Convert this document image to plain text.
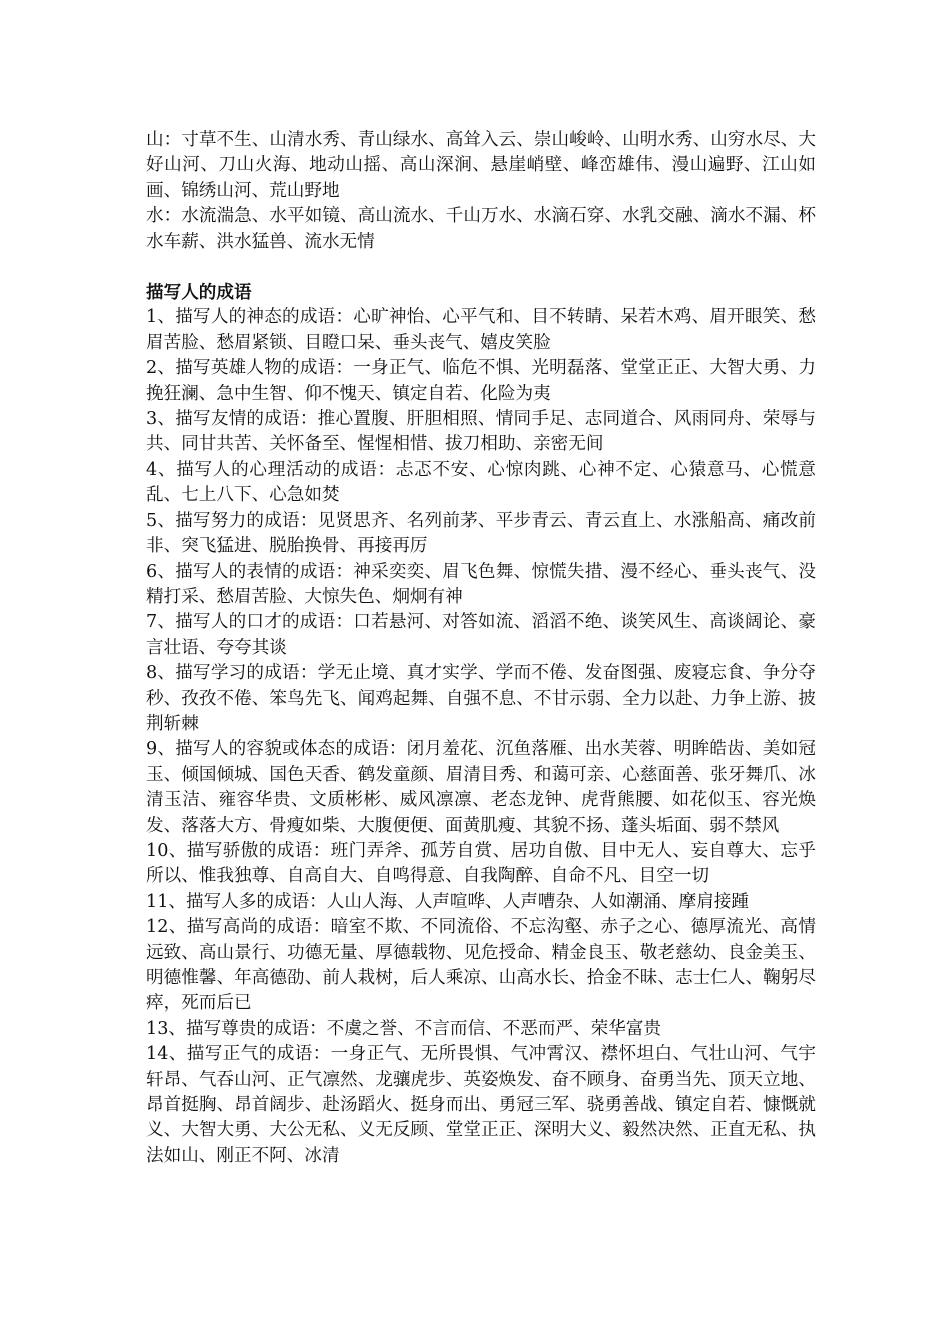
山：寸草不生、山清水秀、青山绿水、高耸入云、崇山峻岭、山明水秀、山穷水尽、大好山河、刀山火海、地动山摇、高山深涧、悬崖峭壁、峰峦雄伟、漫山遍野、江山如画、锦绣山河、荒山野地

水：水流湍急、水平如镜、高山流水、千山万水、水滴石穿、水乳交融、滴水不漏、杯水车薪、洪水猛兽、流水无情

描写人的成语

1、描写人的神态的成语：心旷神怡、心平气和、目不转睛、呆若木鸡、眉开眼笑、愁眉苦脸、愁眉紧锁、目瞪口呆、垂头丧气、嬉皮笑脸

2、描写英雄人物的成语：一身正气、临危不惧、光明磊落、堂堂正正、大智大勇、力挽狂澜、急中生智、仰不愧天、镇定自若、化险为夷

3、描写友情的成语：推心置腹、肝胆相照、情同手足、志同道合、风雨同舟、荣辱与共、同甘共苦、关怀备至、惺惺相惜、拔刀相助、亲密无间

4、描写人的心理活动的成语：忐忑不安、心惊肉跳、心神不定、心猿意马、心慌意乱、七上八下、心急如焚

5、描写努力的成语：见贤思齐、名列前茅、平步青云、青云直上、水涨船高、痛改前非、突飞猛进、脱胎换骨、再接再厉

6、描写人的表情的成语：神采奕奕、眉飞色舞、惊慌失措、漫不经心、垂头丧气、没精打采、愁眉苦脸、大惊失色、炯炯有神

7、描写人的口才的成语：口若悬河、对答如流、滔滔不绝、谈笑风生、高谈阔论、豪言壮语、夸夸其谈

8、描写学习的成语：学无止境、真才实学、学而不倦、发奋图强、废寝忘食、争分夺秒、孜孜不倦、笨鸟先飞、闻鸡起舞、自强不息、不甘示弱、全力以赴、力争上游、披荆斩棘

9、描写人的容貌或体态的成语：闭月羞花、沉鱼落雁、出水芙蓉、明眸皓齿、美如冠玉、倾国倾城、国色天香、鹤发童颜、眉清目秀、和蔼可亲、心慈面善、张牙舞爪、冰清玉洁、雍容华贵、文质彬彬、威风凛凛、老态龙钟、虎背熊腰、如花似玉、容光焕发、落落大方、骨瘦如柴、大腹便便、面黄肌瘦、其貌不扬、蓬头垢面、弱不禁风

10、描写骄傲的成语：班门弄斧、孤芳自赏、居功自傲、目中无人、妄自尊大、忘乎所以、惟我独尊、自高自大、自鸣得意、自我陶醉、自命不凡、目空一切

11、描写人多的成语：人山人海、人声喧哗、人声嘈杂、人如潮涌、摩肩接踵

12、描写高尚的成语：暗室不欺、不同流俗、不忘沟壑、赤子之心、德厚流光、高情远致、高山景行、功德无量、厚德载物、见危授命、精金良玉、敬老慈幼、良金美玉、明德惟馨、年高德劭、前人栽树，后人乘凉、山高水长、拾金不昧、志士仁人、鞠躬尽瘁，死而后已

13、描写尊贵的成语：不虞之誉、不言而信、不恶而严、荣华富贵

14、描写正气的成语：一身正气、无所畏惧、气冲霄汉、襟怀坦白、气壮山河、气宇轩昂、气吞山河、正气凛然、龙骧虎步、英姿焕发、奋不顾身、奋勇当先、顶天立地、昂首挺胸、昂首阔步、赴汤蹈火、挺身而出、勇冠三军、骁勇善战、镇定自若、慷慨就义、大智大勇、大公无私、义无反顾、堂堂正正、深明大义、毅然决然、正直无私、执法如山、刚正不阿、冰清
